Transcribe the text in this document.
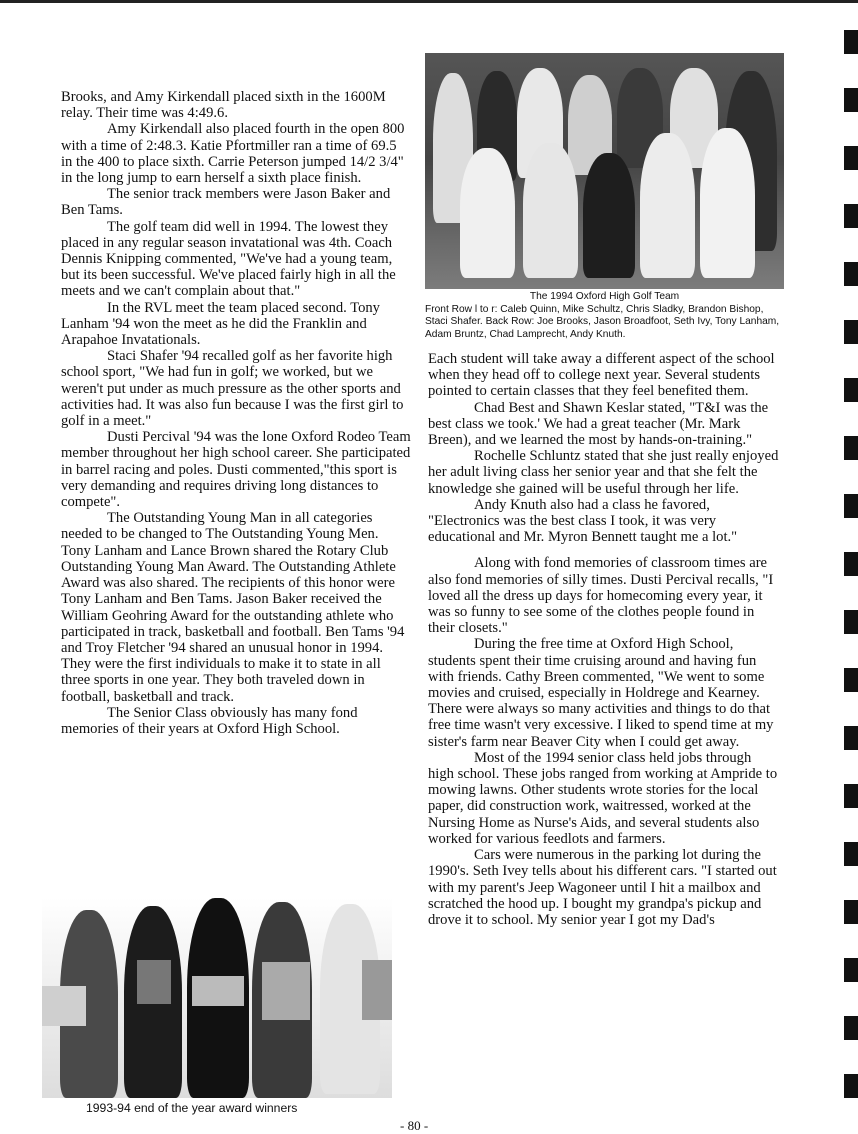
Brooks, and Amy Kirkendall placed sixth in the 1600M relay. Their time was 4:49.6.

Amy Kirkendall also placed fourth in the open 800 with a time of 2:48.3. Katie Pfortmiller ran a time of 69.5 in the 400 to place sixth. Carrie Peterson jumped 14/2 3/4" in the long jump to earn herself a sixth place finish.

The senior track members were Jason Baker and Ben Tams.

The golf team did well in 1994. The lowest they placed in any regular season invatational was 4th. Coach Dennis Knipping commented, "We've had a young team, but its been successful. We've placed fairly high in all the meets and we can't complain about that."

In the RVL meet the team placed second. Tony Lanham '94 won the meet as he did the Franklin and Arapahoe Invatationals.

Staci Shafer '94 recalled golf as her favorite high school sport, "We had fun in golf; we worked, but we weren't put under as much pressure as the other sports and activities had. It was also fun because I was the first girl to golf in a meet."

Dusti Percival '94 was the lone Oxford Rodeo Team member throughout her high school career. She participated in barrel racing and poles. Dusti commented,"this sport is very demanding and requires driving long distances to compete".

The Outstanding Young Man in all categories needed to be changed to The Outstanding Young Men. Tony Lanham and Lance Brown shared the Rotary Club Outstanding Young Man Award. The Outstanding Athlete Award was also shared. The recipients of this honor were Tony Lanham and Ben Tams. Jason Baker received the William Geohring Award for the outstanding athlete who participated in track, basketball and football. Ben Tams '94 and Troy Fletcher '94 shared an unusual honor in 1994. They were the first individuals to make it to state in all three sports in one year. They both traveled down in football, basketball and track.

The Senior Class obviously has many fond memories of their years at Oxford High School.

The 1994 Oxford High Golf Team
Front Row l to r: Caleb Quinn, Mike Schultz, Chris Sladky, Brandon Bishop, Staci Shafer. Back Row: Joe Brooks, Jason Broadfoot, Seth Ivy, Tony Lanham, Adam Bruntz, Chad Lamprecht, Andy Knuth.

Each student will take away a different aspect of the school when they head off to college next year. Several students pointed to certain classes that they feel benefited them.

Chad Best and Shawn Keslar stated, "T&I was the best class we took.' We had a great teacher (Mr. Mark Breen), and we learned the most by hands-on-training."

Rochelle Schluntz stated that she just really enjoyed her adult living class her senior year and that she felt the knowledge she gained will be useful through her life.

Andy Knuth also had a class he favored, "Electronics was the best class I took, it was very educational and Mr. Myron Bennett taught me a lot."

Along with fond memories of classroom times are also fond memories of silly times. Dusti Percival recalls, "I loved all the dress up days for homecoming every year, it was so funny to see some of the clothes people found in their closets."

During the free time at Oxford High School, students spent their time cruising around and having fun with friends. Cathy Breen commented, "We went to some movies and cruised, especially in Holdrege and Kearney. There were always so many activities and things to do that free time wasn't very excessive. I liked to spend time at my sister's farm near Beaver City when I could get away.

Most of the 1994 senior class held jobs through high school. These jobs ranged from working at Ampride to mowing lawns. Other students wrote stories for the local paper, did construction work, waitressed, worked at the Nursing Home as Nurse's Aids, and several students also worked for various feedlots and farmers.

Cars were numerous in the parking lot during the 1990's. Seth Ivey tells about his different cars. "I started out with my parent's Jeep Wagoneer until I hit a mailbox and scratched the hood up. I bought my grandpa's pickup and drove it to school. My senior year I got my Dad's

1993-94 end of the year award winners
- 80 -
